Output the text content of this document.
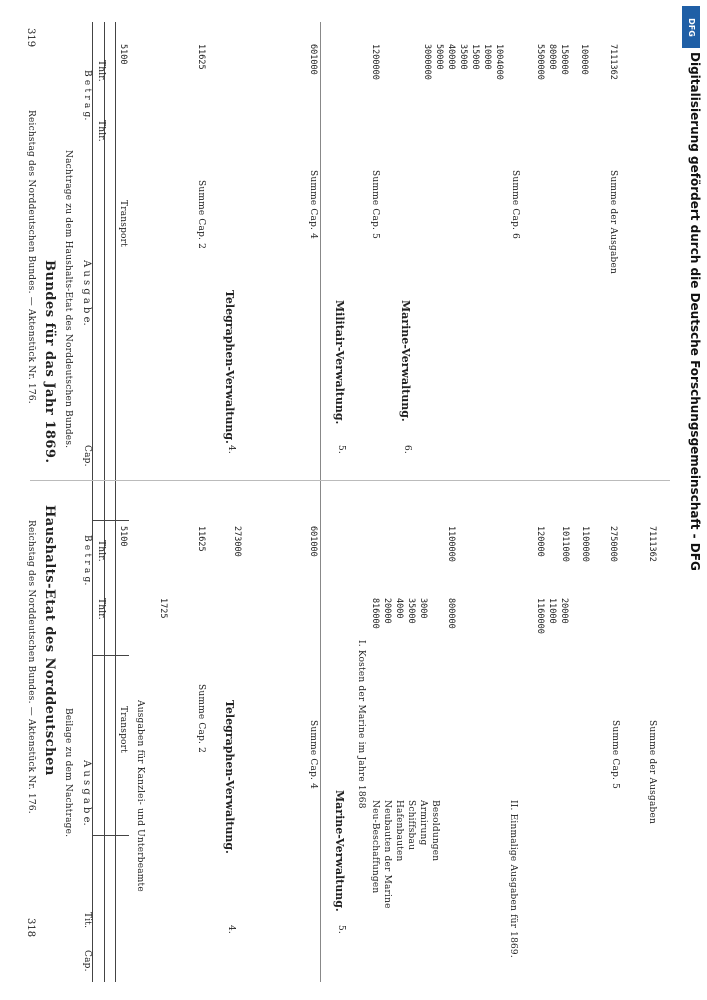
318
Reichstag des Norddeutschen Bundes. — Aktenstück Nr. 176. Haushalts-Etat des Norddeutschen Beilage zu dem Nachtrage.
Cap.
Tit.
A u s g a b e.
B e t r a g.
Thlr.
Thlr.
Transport
5100
Ausgaben für Kanzlei- und Unterbeamte
1725
Summe Cap. 2
11625
4.
Telegraphen-Verwaltung.
273000
Summe Cap. 4
601000
5.
Marine-Verwaltung.
I. Kosten der Marine im Jahre 1868
Neu-Beschaffungen Neubauten der Marine Hafenbauten Schiffsbau Armirung Besoldungen
816000 20000 4000 35000 3000 800000
1100000
II. Einmalige Ausgaben für 1869.
1160000 11000 20000
120000 1011000 1100000
Summe Cap. 5
2750000
Summe der Ausgaben
7111362
319
Reichstag des Norddeutschen Bundes. — Aktenstück Nr. 176. Bundes für das Jahr 1869. Nachtrage zu dem Haushalts-Etat des Norddeutschen Bundes.
Cap.
A u s g a b e.
B e t r a g.
Thlr.
Thlr.
Transport
5100
Summe Cap. 2
11625
4.
Telegraphen-Verwaltung.
Summe Cap. 4
601000
5.
Militair-Verwaltung.
Summe Cap. 5
1200000
6.
Marine-Verwaltung.
3000000 50000 40000 35000 15000 10000 1004000	5500000 80000 150000 100000
Summe Cap. 6	Summe der Ausgaben
7111362
DFG
Digitalisierung gefördert durch die Deutsche Forschungsgemeinschaft - DFG
